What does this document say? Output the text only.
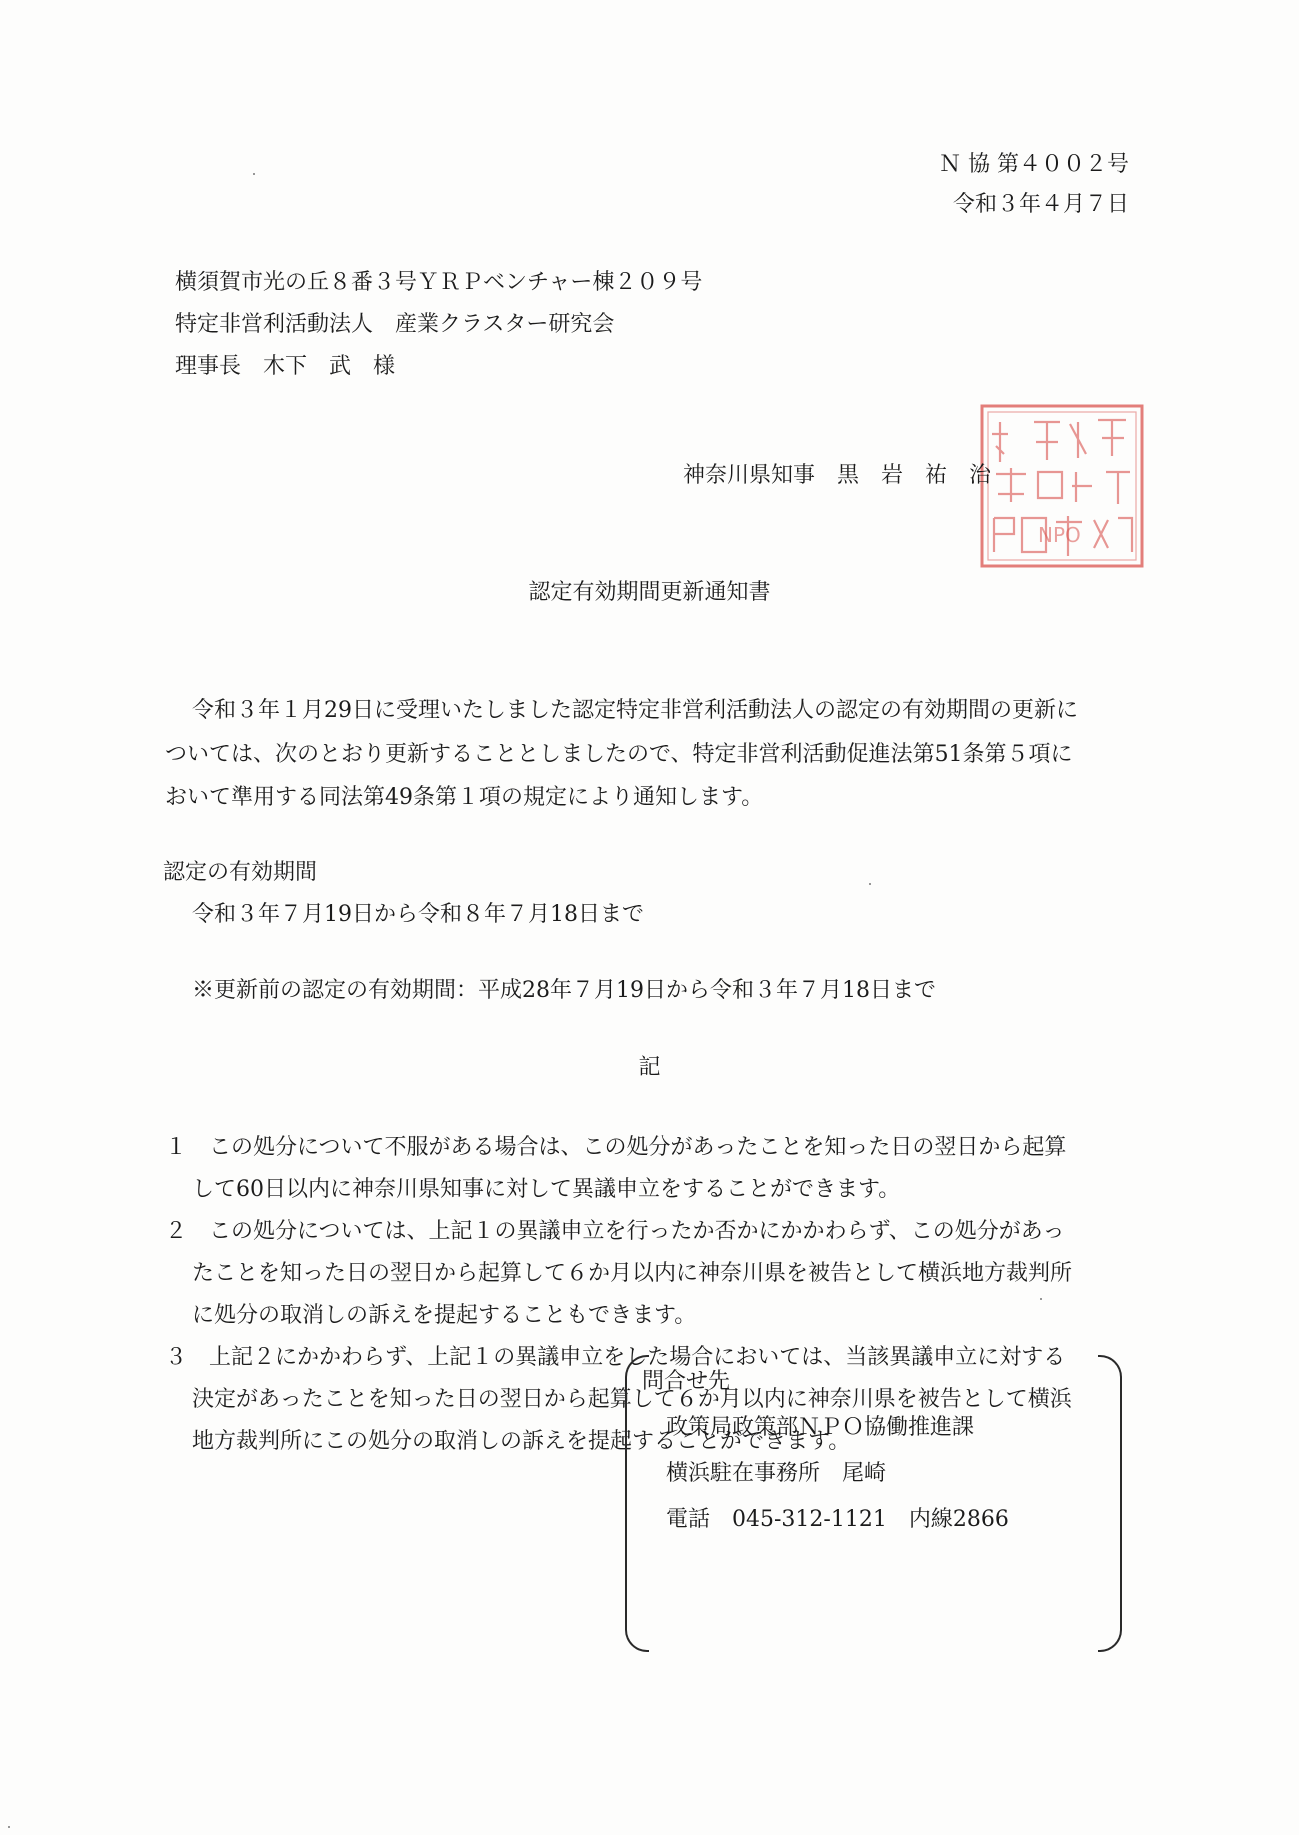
Ｎ 協 第４００２号
令和３年４月７日
横須賀市光の丘８番３号ＹＲＰベンチャー棟２０９号
特定非営利活動法人　産業クラスター研究会
理事長　木下　武　様
NPO
神奈川県知事　黒　岩　祐　治
認定有効期間更新通知書
令和３年１月29日に受理いたしました認定特定非営利活動法人の認定の有効期間の更新に
ついては、次のとおり更新することとしましたので、特定非営利活動促進法第51条第５項に
おいて準用する同法第49条第１項の規定により通知します。
認定の有効期間
令和３年７月19日から令和８年７月18日まで
※更新前の認定の有効期間：平成28年７月19日から令和３年７月18日まで
記
１　この処分について不服がある場合は、この処分があったことを知った日の翌日から起算
して60日以内に神奈川県知事に対して異議申立をすることができます。
２　この処分については、上記１の異議申立を行ったか否かにかかわらず、この処分があっ
たことを知った日の翌日から起算して６か月以内に神奈川県を被告として横浜地方裁判所
に処分の取消しの訴えを提起することもできます。
３　上記２にかかわらず、上記１の異議申立をした場合においては、当該異議申立に対する
決定があったことを知った日の翌日から起算して６か月以内に神奈川県を被告として横浜
地方裁判所にこの処分の取消しの訴えを提起することができます。
問合せ先
政策局政策部ＮＰＯ協働推進課
横浜駐在事務所　尾崎
電話　045-312-1121　内線2866
